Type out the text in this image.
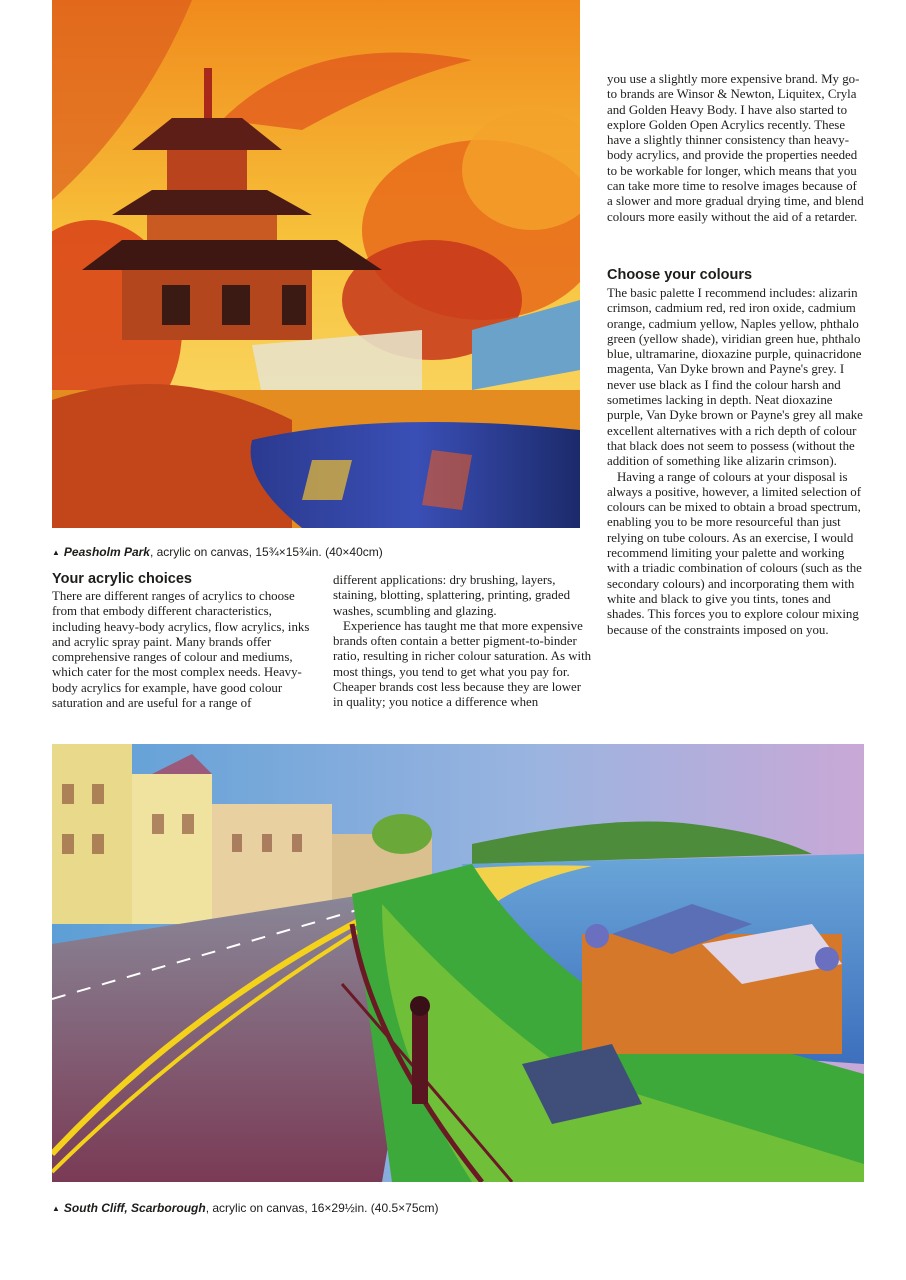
▲ Peasholm Park, acrylic on canvas, 15¾×15¾in. (40×40cm)

you use a slightly more expensive brand. My go-to brands are Winsor & Newton, Liquitex, Cryla and Golden Heavy Body. I have also started to explore Golden Open Acrylics recently. These have a slightly thinner consistency than heavy-body acrylics, and provide the properties needed to be workable for longer, which means that you can take more time to resolve images because of a slower and more gradual drying time, and blend colours more easily without the aid of a retarder.

Choose your colours

The basic palette I recommend includes: alizarin crimson, cadmium red, red iron oxide, cadmium orange, cadmium yellow, Naples yellow, phthalo green (yellow shade), viridian green hue, phthalo blue, ultramarine, dioxazine purple, quinacridone magenta, Van Dyke brown and Payne's grey. I never use black as I find the colour harsh and sometimes lacking in depth. Neat dioxazine purple, Van Dyke brown or Payne's grey all make excellent alternatives with a rich depth of colour that black does not seem to possess (without the addition of something like alizarin crimson).

Having a range of colours at your disposal is always a positive, however, a limited selection of colours can be mixed to obtain a broad spectrum, enabling you to be more resourceful than just relying on tube colours. As an exercise, I would recommend limiting your palette and working with a triadic combination of colours (such as the secondary colours) and incorporating them with white and black to give you tints, tones and shades. This forces you to explore colour mixing because of the constraints imposed on you.

Your acrylic choices

There are different ranges of acrylics to choose from that embody different characteristics, including heavy-body acrylics, flow acrylics, inks and acrylic spray paint. Many brands offer comprehensive ranges of colour and mediums, which cater for the most complex needs. Heavy-body acrylics for example, have good colour saturation and are useful for a range of

different applications: dry brushing, layers, staining, blotting, splattering, printing, graded washes, scumbling and glazing.

Experience has taught me that more expensive brands often contain a better pigment-to-binder ratio, resulting in richer colour saturation. As with most things, you tend to get what you pay for. Cheaper brands cost less because they are lower in quality; you notice a difference when

▲ South Cliff, Scarborough, acrylic on canvas, 16×29½in. (40.5×75cm)
